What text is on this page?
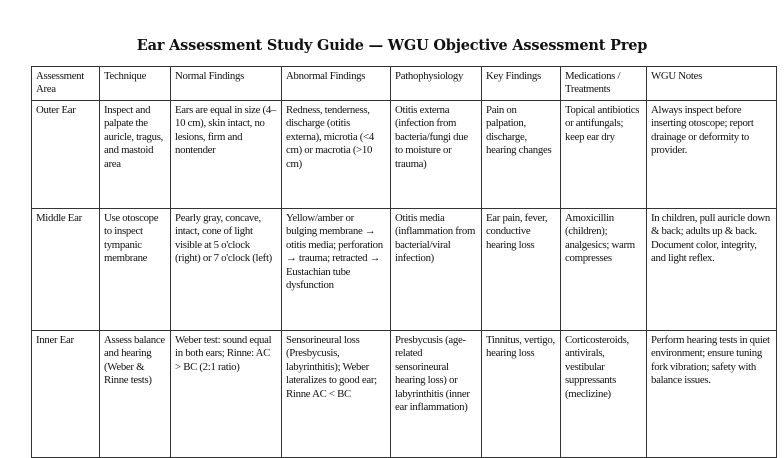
Ear Assessment Study Guide — WGU Objective Assessment Prep
Assessment Area	Technique	Normal Findings	Abnormal Findings	Pathophysiology	Key Findings	Medications / Treatments	WGU Notes
Outer Ear	Inspect and palpate the auricle, tragus, and mastoid area	Ears are equal in size (4–10 cm), skin intact, no lesions, firm and nontender	Redness, tenderness, discharge (otitis externa), microtia (<4 cm) or macrotia (>10 cm)	Otitis externa (infection from bacteria/fungi due to moisture or trauma)	Pain on palpation, discharge, hearing changes	Topical antibiotics or antifungals; keep ear dry	Always inspect before inserting otoscope; report drainage or deformity to provider.
Middle Ear	Use otoscope to inspect tympanic membrane	Pearly gray, concave, intact, cone of light visible at 5 o'clock (right) or 7 o'clock (left)	Yellow/amber or bulging membrane → otitis media; perforation → trauma; retracted → Eustachian tube dysfunction	Otitis media (inflammation from bacterial/viral infection)	Ear pain, fever, conductive hearing loss	Amoxicillin (children); analgesics; warm compresses	In children, pull auricle down & back; adults up & back. Document color, integrity, and light reflex.
Inner Ear	Assess balance and hearing (Weber & Rinne tests)	Weber test: sound equal in both ears; Rinne: AC > BC (2:1 ratio)	Sensorineural loss (Presbycusis, labyrinthitis); Weber lateralizes to good ear; Rinne AC < BC	Presbycusis (age-related sensorineural hearing loss) or labyrinthitis (inner ear inflammation)	Tinnitus, vertigo, hearing loss	Corticosteroids, antivirals, vestibular suppressants (meclizine)	Perform hearing tests in quiet environment; ensure tuning fork vibration; safety with balance issues.
